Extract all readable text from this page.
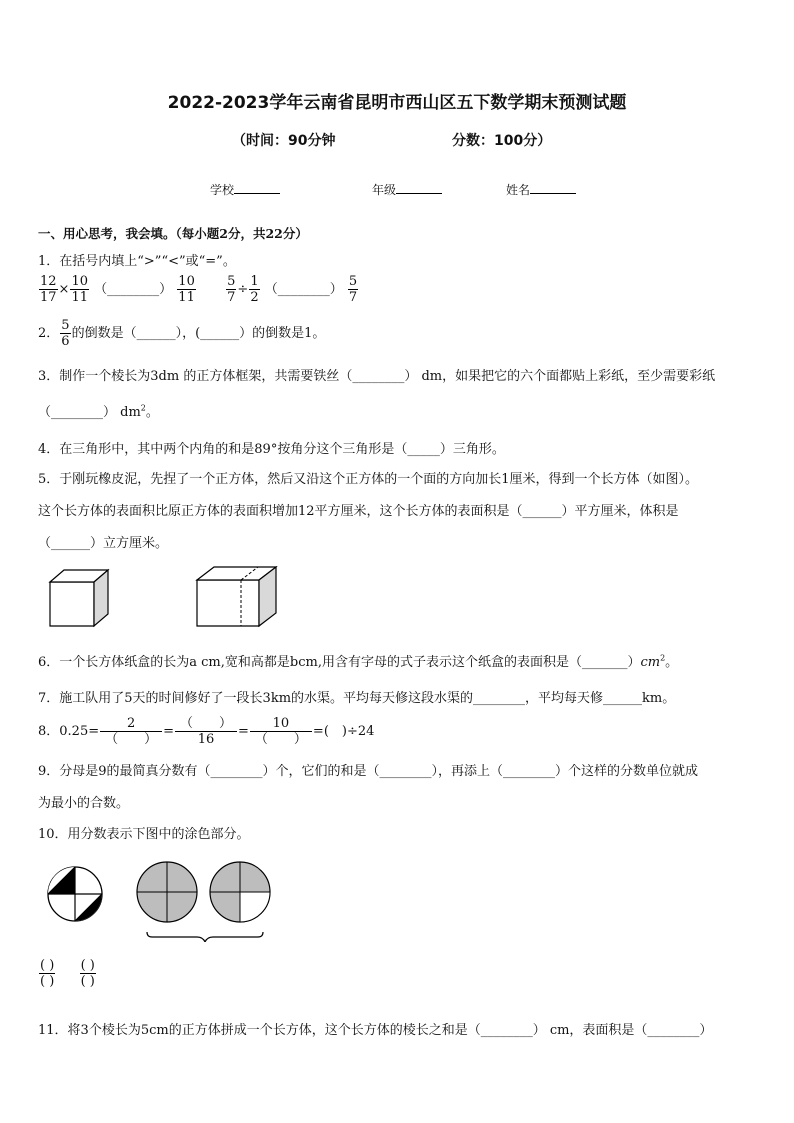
2022-2023学年云南省昆明市西山区五下数学期末预测试题
（时间：90分钟	分数：100分）
学校	年级	姓名
一、用心思考，我会填。（每小题2分，共22分）
1．在括号内填上“>”“<”或“=”。
$\frac{12}{17} \times \frac{10}{11}$ （________） $\frac{10}{11}$
$\frac{5}{7} \div \frac{1}{2}$ （________） $\frac{5}{7}$
2． $\frac{5}{6}$ 的倒数是（______），(______）的倒数是1。
3．制作一个棱长为3dm 的正方体框架，共需要铁丝（________） dm，如果把它的六个面都贴上彩纸，至少需要彩纸
（________） $dm^2$。
4．在三角形中，其中两个内角的和是89°按角分这个三角形是（_____）三角形。
5．于刚玩橡皮泥，先捏了一个正方体，然后又沿这个正方体的一个面的方向加长1厘米，得到一个长方体（如图）。
这个长方体的表面积比原正方体的表面积增加12平方厘米，这个长方体的表面积是（______）平方厘米，体积是
（______）立方厘米。
6．一个长方体纸盒的长为a cm,宽和高都是bcm,用含有字母的式子表示这个纸盒的表面积是$(\_\_\_\_\_\_\_)cm^2$。
7．施工队用了5天的时间修好了一段长3km的水渠。平均每天修这段水渠的________，平均每天修______km。
8．$0.25= \frac{2}{( )} = \frac{( )}{16} = \frac{10}{( )}$ =(　)÷24
9．分母是9的最简真分数有（________）个，它们的和是（________），再添上（________）个这样的分数单位就成
为最小的合数。
10．用分数表示下图中的涂色部分。
$\frac{( )}{( )}$
$\frac{( )}{( )}$
11．将3个棱长为5cm的正方体拼成一个长方体，这个长方体的棱长之和是（________） cm，表面积是（________）
